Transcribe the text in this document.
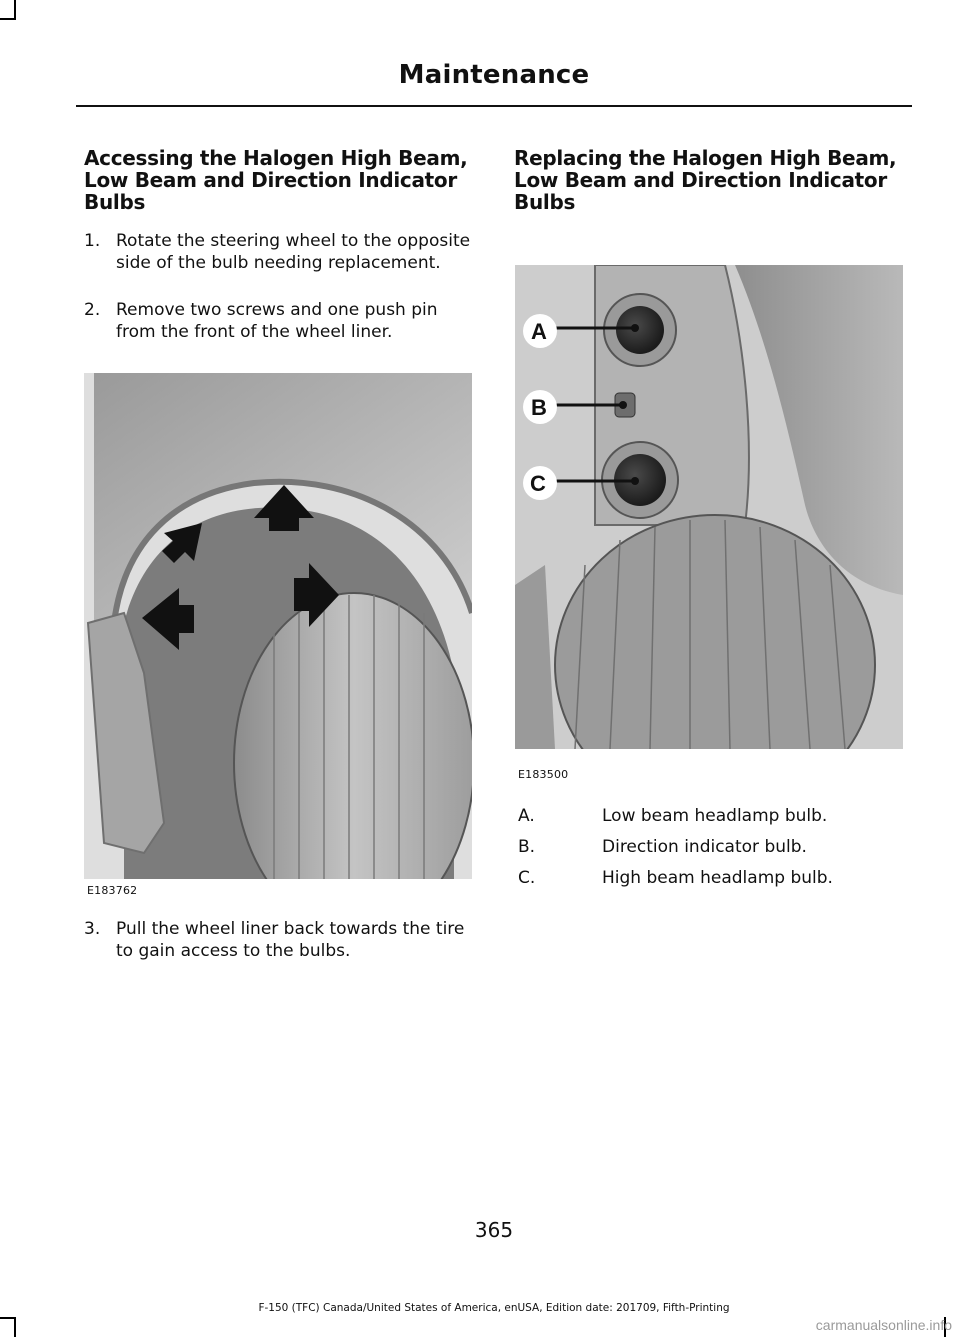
Maintenance
Accessing the Halogen High Beam, Low Beam and Direction Indicator Bulbs
1. Rotate the steering wheel to the opposite side of the bulb needing replacement.
2. Remove two screws and one push pin from the front of the wheel liner.
E183762
3. Pull the wheel liner back towards the tire to gain access to the bulbs.
Replacing the Halogen High Beam, Low Beam and Direction Indicator Bulbs
A
B
C
E183500
A.	Low beam headlamp bulb.
B.	Direction indicator bulb.
C.	High beam headlamp bulb.
365
F-150 (TFC) Canada/United States of America, enUSA, Edition date: 201709, Fifth-Printing
carmanualsonline.info
